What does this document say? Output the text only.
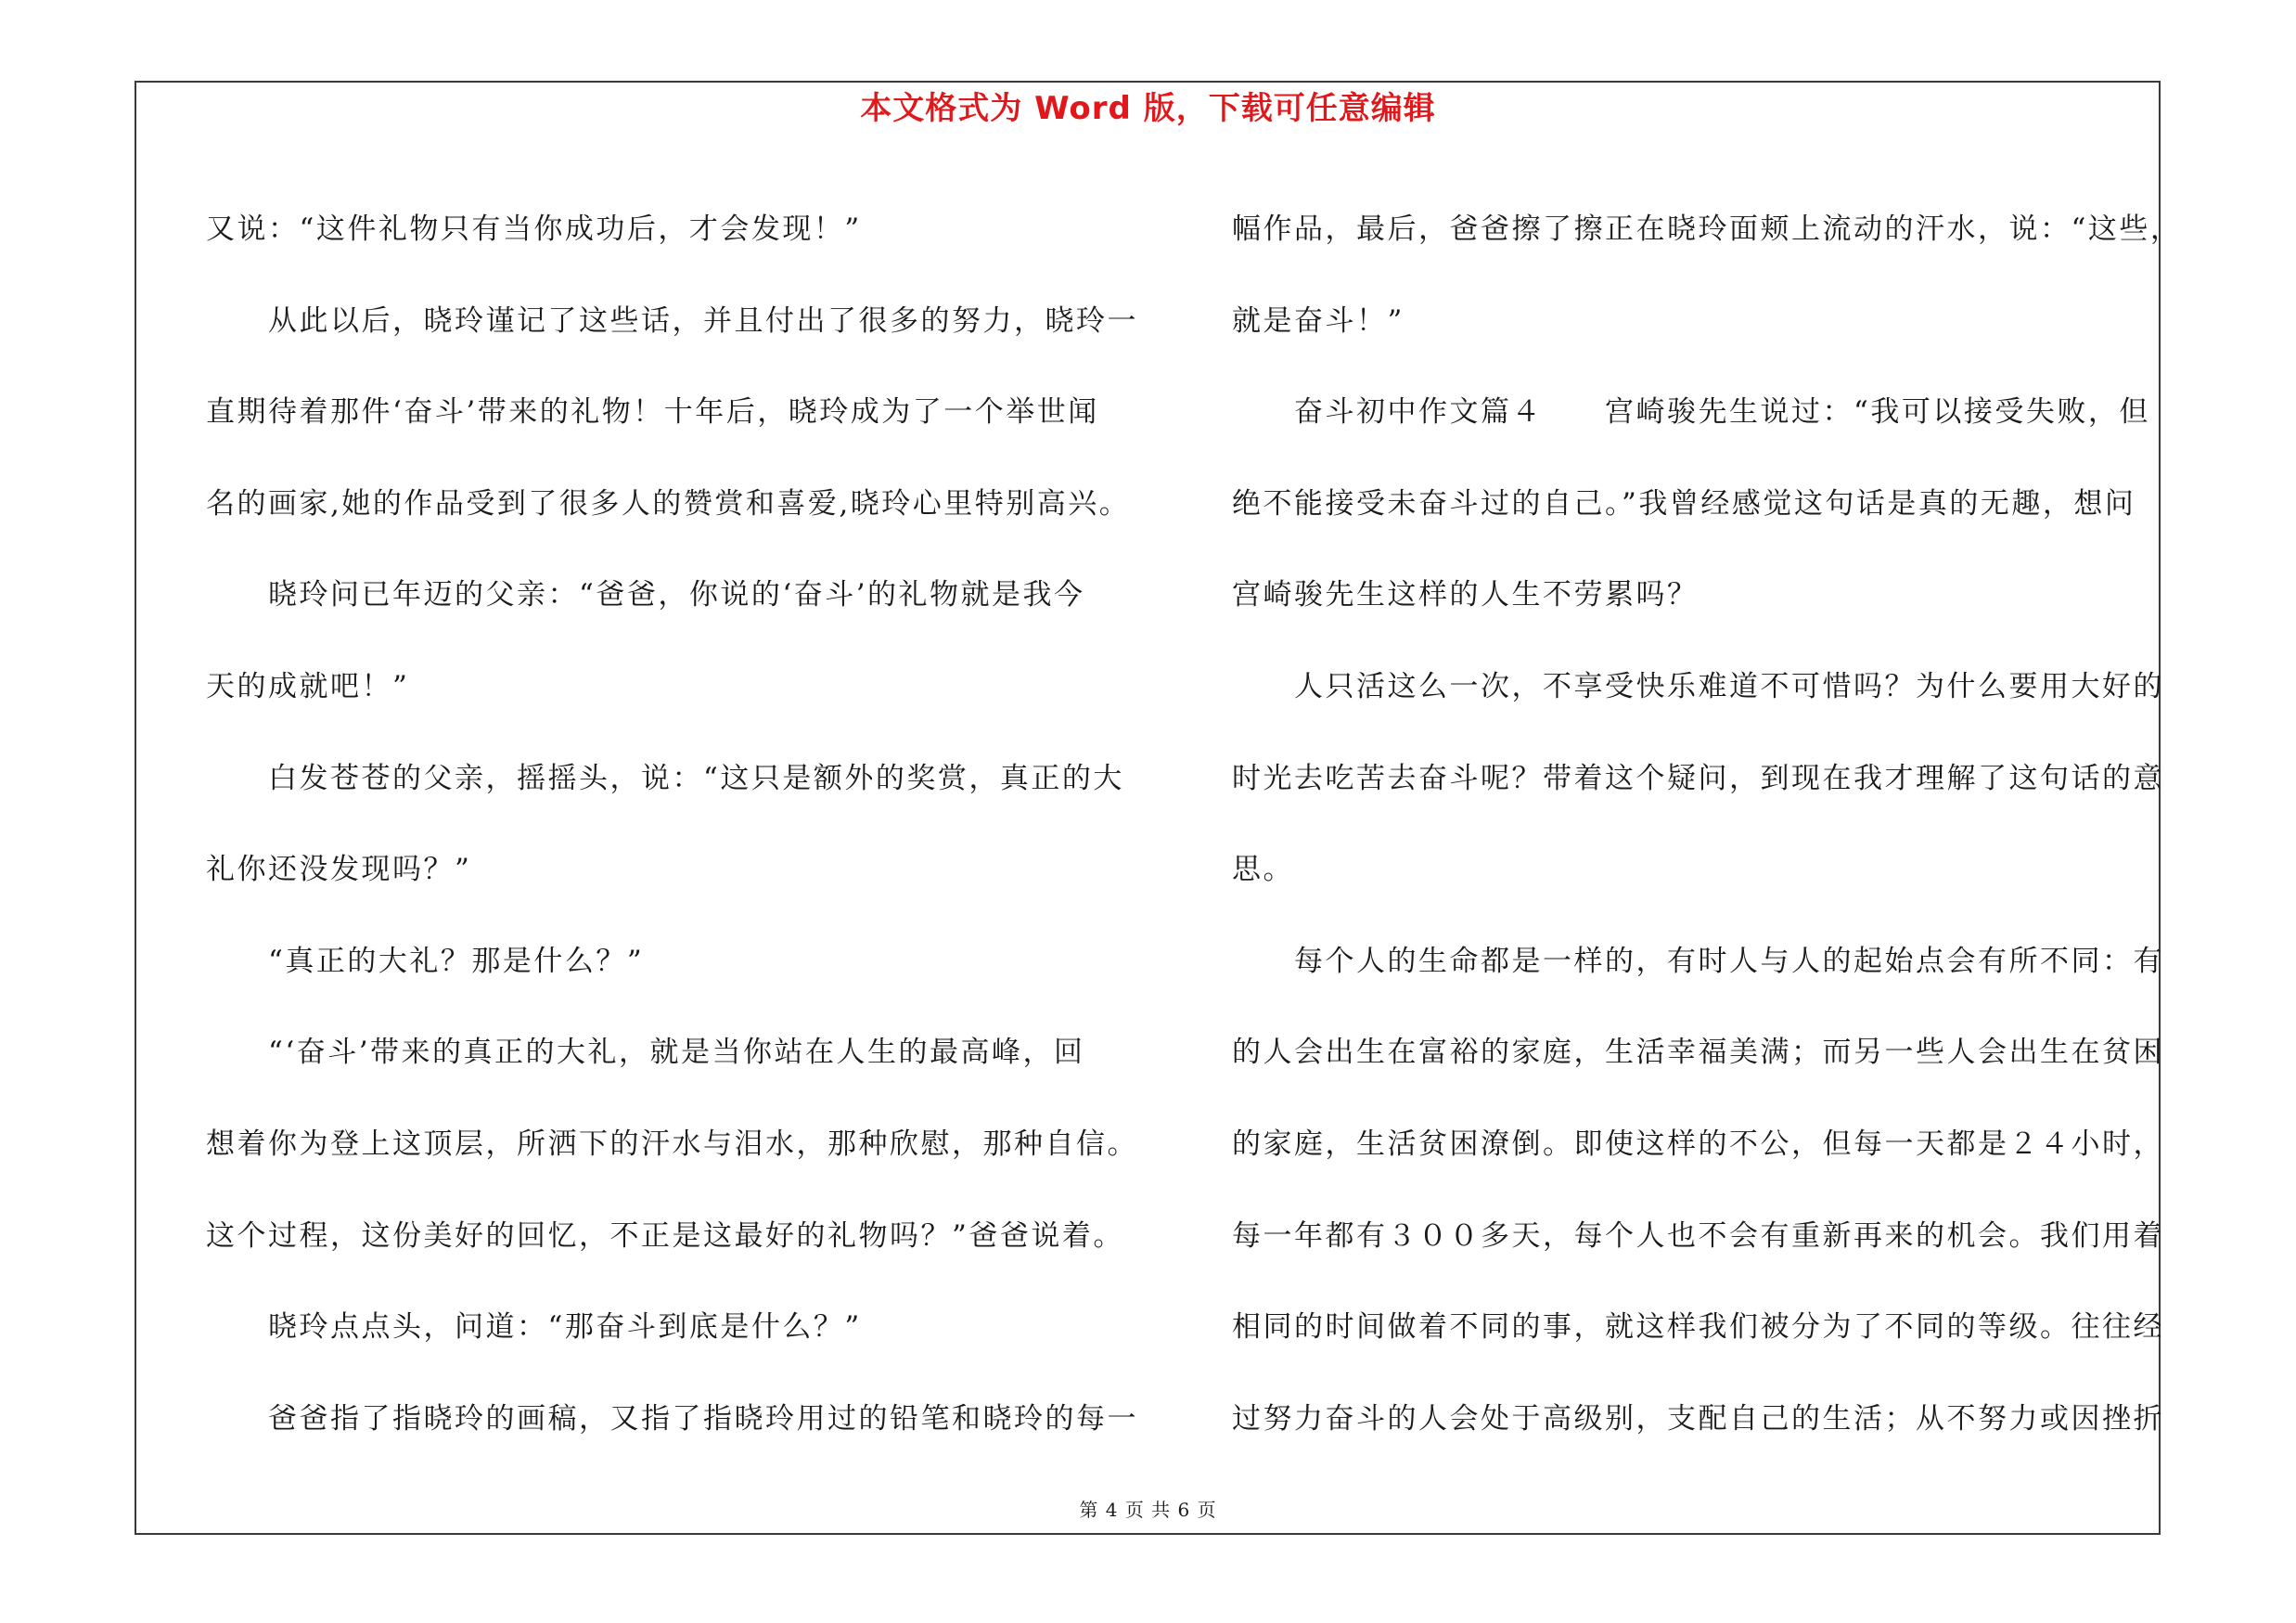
本文格式为 Word 版，下载可任意编辑
又说：“这件礼物只有当你成功后，才会发现！”
　　从此以后，晓玲谨记了这些话，并且付出了很多的努力，晓玲一
直期待着那件‘奋斗’带来的礼物！十年后，晓玲成为了一个举世闻
名的画家,她的作品受到了很多人的赞赏和喜爱,晓玲心里特别高兴。
　　晓玲问已年迈的父亲：“爸爸，你说的‘奋斗’的礼物就是我今
天的成就吧！”
　　白发苍苍的父亲，摇摇头，说：“这只是额外的奖赏，真正的大
礼你还没发现吗？”
　　“真正的大礼？那是什么？”
　　“‘奋斗’带来的真正的大礼，就是当你站在人生的最高峰，回
想着你为登上这顶层，所洒下的汗水与泪水，那种欣慰，那种自信。
这个过程，这份美好的回忆，不正是这最好的礼物吗？”爸爸说着。
　　晓玲点点头，问道：“那奋斗到底是什么？”
　　爸爸指了指晓玲的画稿，又指了指晓玲用过的铅笔和晓玲的每一
幅作品，最后，爸爸擦了擦正在晓玲面颊上流动的汗水，说：“这些，
就是奋斗！”
　　奋斗初中作文篇４　　宫崎骏先生说过：“我可以接受失败，但
绝不能接受未奋斗过的自己。”我曾经感觉这句话是真的无趣，想问
宫崎骏先生这样的人生不劳累吗？
　　人只活这么一次，不享受快乐难道不可惜吗？为什么要用大好的
时光去吃苦去奋斗呢？带着这个疑问，到现在我才理解了这句话的意
思。
　　每个人的生命都是一样的，有时人与人的起始点会有所不同：有
的人会出生在富裕的家庭，生活幸福美满；而另一些人会出生在贫困
的家庭，生活贫困潦倒。即使这样的不公，但每一天都是２４小时，
每一年都有３００多天，每个人也不会有重新再来的机会。我们用着
相同的时间做着不同的事，就这样我们被分为了不同的等级。往往经
过努力奋斗的人会处于高级别，支配自己的生活；从不努力或因挫折
第 4 页 共 6 页
